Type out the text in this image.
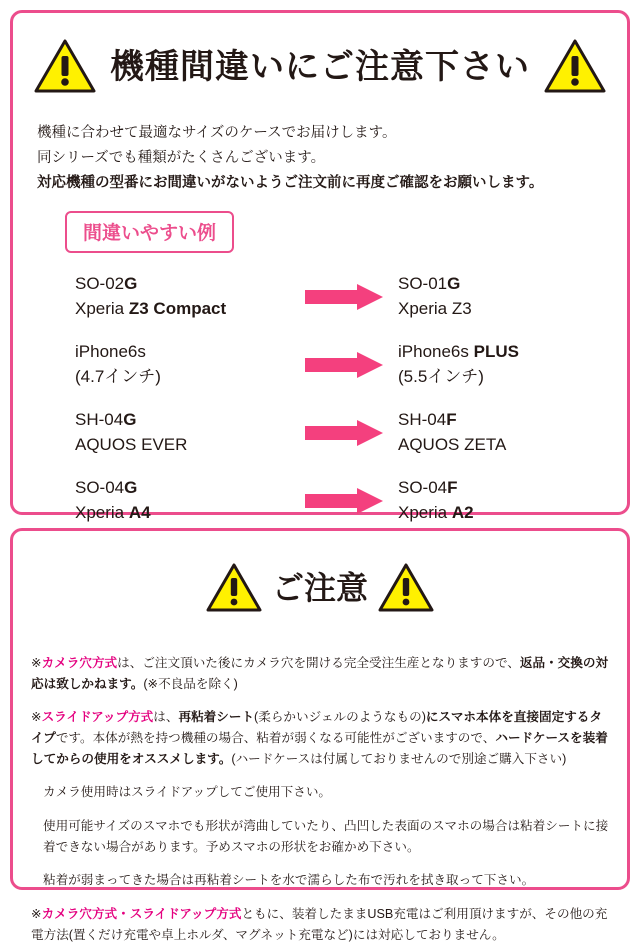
機種間違いにご注意下さい
機種に合わせて最適なサイズのケースでお届けします。
同シリーズでも種類がたくさんございます。
対応機種の型番にお間違いがないようご注文前に再度ご確認をお願いします。
間違いやすい例
SO-02G
Xperia Z3 Compact
SO-01G
Xperia Z3
iPhone6s
(4.7インチ)
iPhone6s PLUS
(5.5インチ)
SH-04G
AQUOS EVER
SH-04F
AQUOS ZETA
SO-04G
Xperia A4
SO-04F
Xperia A2
ご注意

※カメラ穴方式は、ご注文頂いた後にカメラ穴を開ける完全受注生産となりますので、返品・交換の対応は致しかねます。(※不良品を除く)

※スライドアップ方式は、再粘着シート(柔らかいジェルのようなもの)にスマホ本体を直接固定するタイプです。本体が熱を持つ機種の場合、粘着が弱くなる可能性がございますので、ハードケースを装着してからの使用をオススメします。(ハードケースは付属しておりませんので別途ご購入下さい)

カメラ使用時はスライドアップしてご使用下さい。

使用可能サイズのスマホでも形状が湾曲していたり、凸凹した表面のスマホの場合は粘着シートに接着できない場合があります。予めスマホの形状をお確かめ下さい。

粘着が弱まってきた場合は再粘着シートを水で濡らした布で汚れを拭き取って下さい。

※カメラ穴方式・スライドアップ方式ともに、装着したままUSB充電はご利用頂けますが、その他の充電方法(置くだけ充電や卓上ホルダ、マグネット充電など)には対応しておりません。
